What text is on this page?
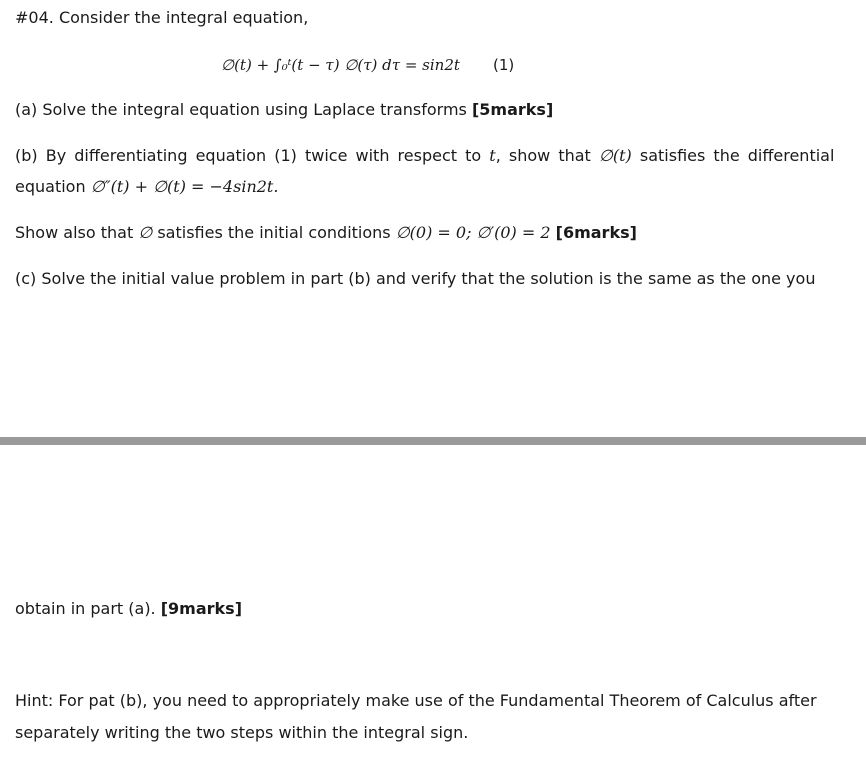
#04. Consider the integral equation,
∅(t) + ∫₀ᵗ(t − τ) ∅(τ) dτ = sin2t (1)
(a) Solve the integral equation using Laplace transforms [5marks]
(b) By differentiating equation (1) twice with respect to t, show that ∅(t) satisfies the differential
equation ∅″(t) + ∅(t) = −4sin2t.
Show also that ∅ satisfies the initial conditions ∅(0) = 0; ∅′(0) = 2 [6marks]
(c) Solve the initial value problem in part (b) and verify that the solution is the same as the one you
obtain in part (a). [9marks]
Hint: For pat (b), you need to appropriately make use of the Fundamental Theorem of Calculus after
separately writing the two steps within the integral sign.
